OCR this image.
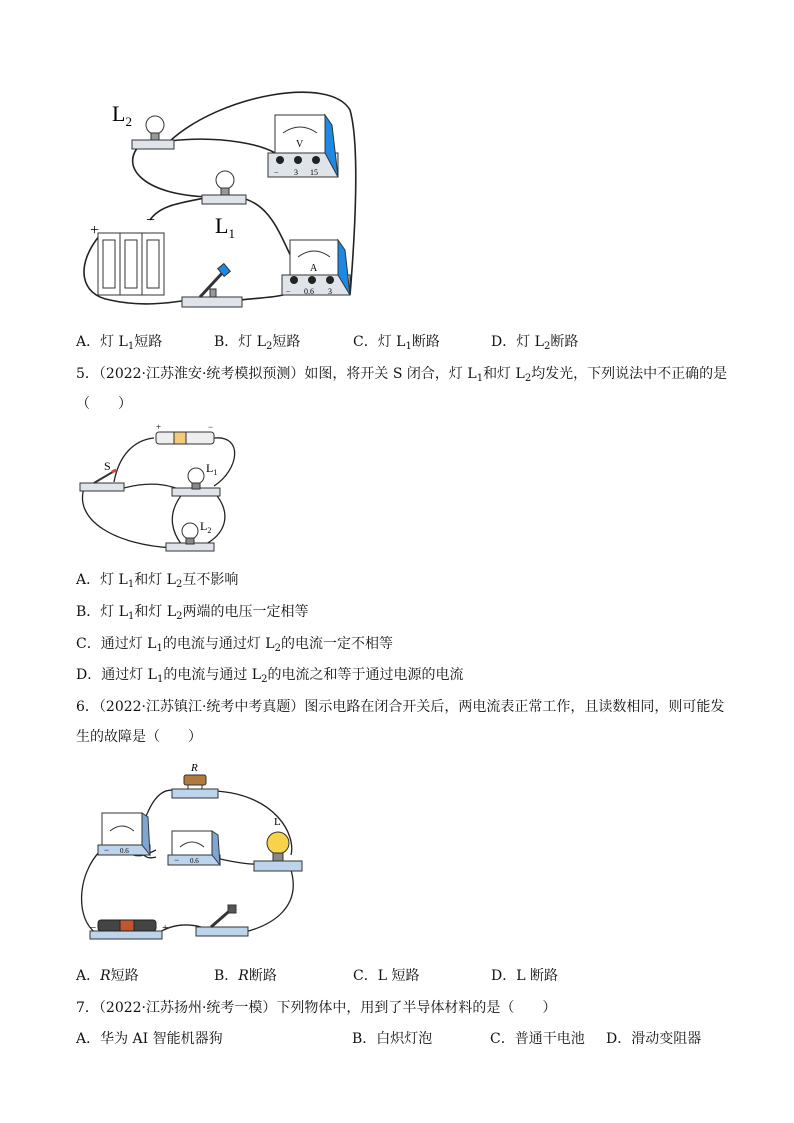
$L_2$
V
− 3 15
$L_1$
+
−
A
− 0.6 3
A．灯 $L_1$短路	B．灯 $L_2$短路	C．灯 $L_1$断路	D．灯 $L_2$断路
5．（2022·江苏淮安·统考模拟预测）如图，将开关 S 闭合，灯 $L_1$和灯 $L_2$均发光，下列说法中不正确的是
（　　）
+	−
S	$L_1$
$L_2$
A．灯 $L_1$和灯 $L_2$互不影响
B．灯 $L_1$和灯 $L_2$两端的电压一定相等
C．通过灯 $L_1$的电流与通过灯 $L_2$的电流一定不相等
D．通过灯 $L_1$的电流与通过 $L_2$的电流之和等于通过电源的电流
6．（2022·江苏镇江·统考中考真题）图示电路在闭合开关后，两电流表正常工作，且读数相同，则可能发
生的故障是（　　）
R
− 0.6
− 0.6
L
−	+
A．R短路	B．R断路	C．L 短路	D．L 断路
7．（2022·江苏扬州·统考一模）下列物体中，用到了半导体材料的是（　　）
A．华为 AI 智能机器狗	B．白炽灯泡	C．普通干电池 D．滑动变阻器
